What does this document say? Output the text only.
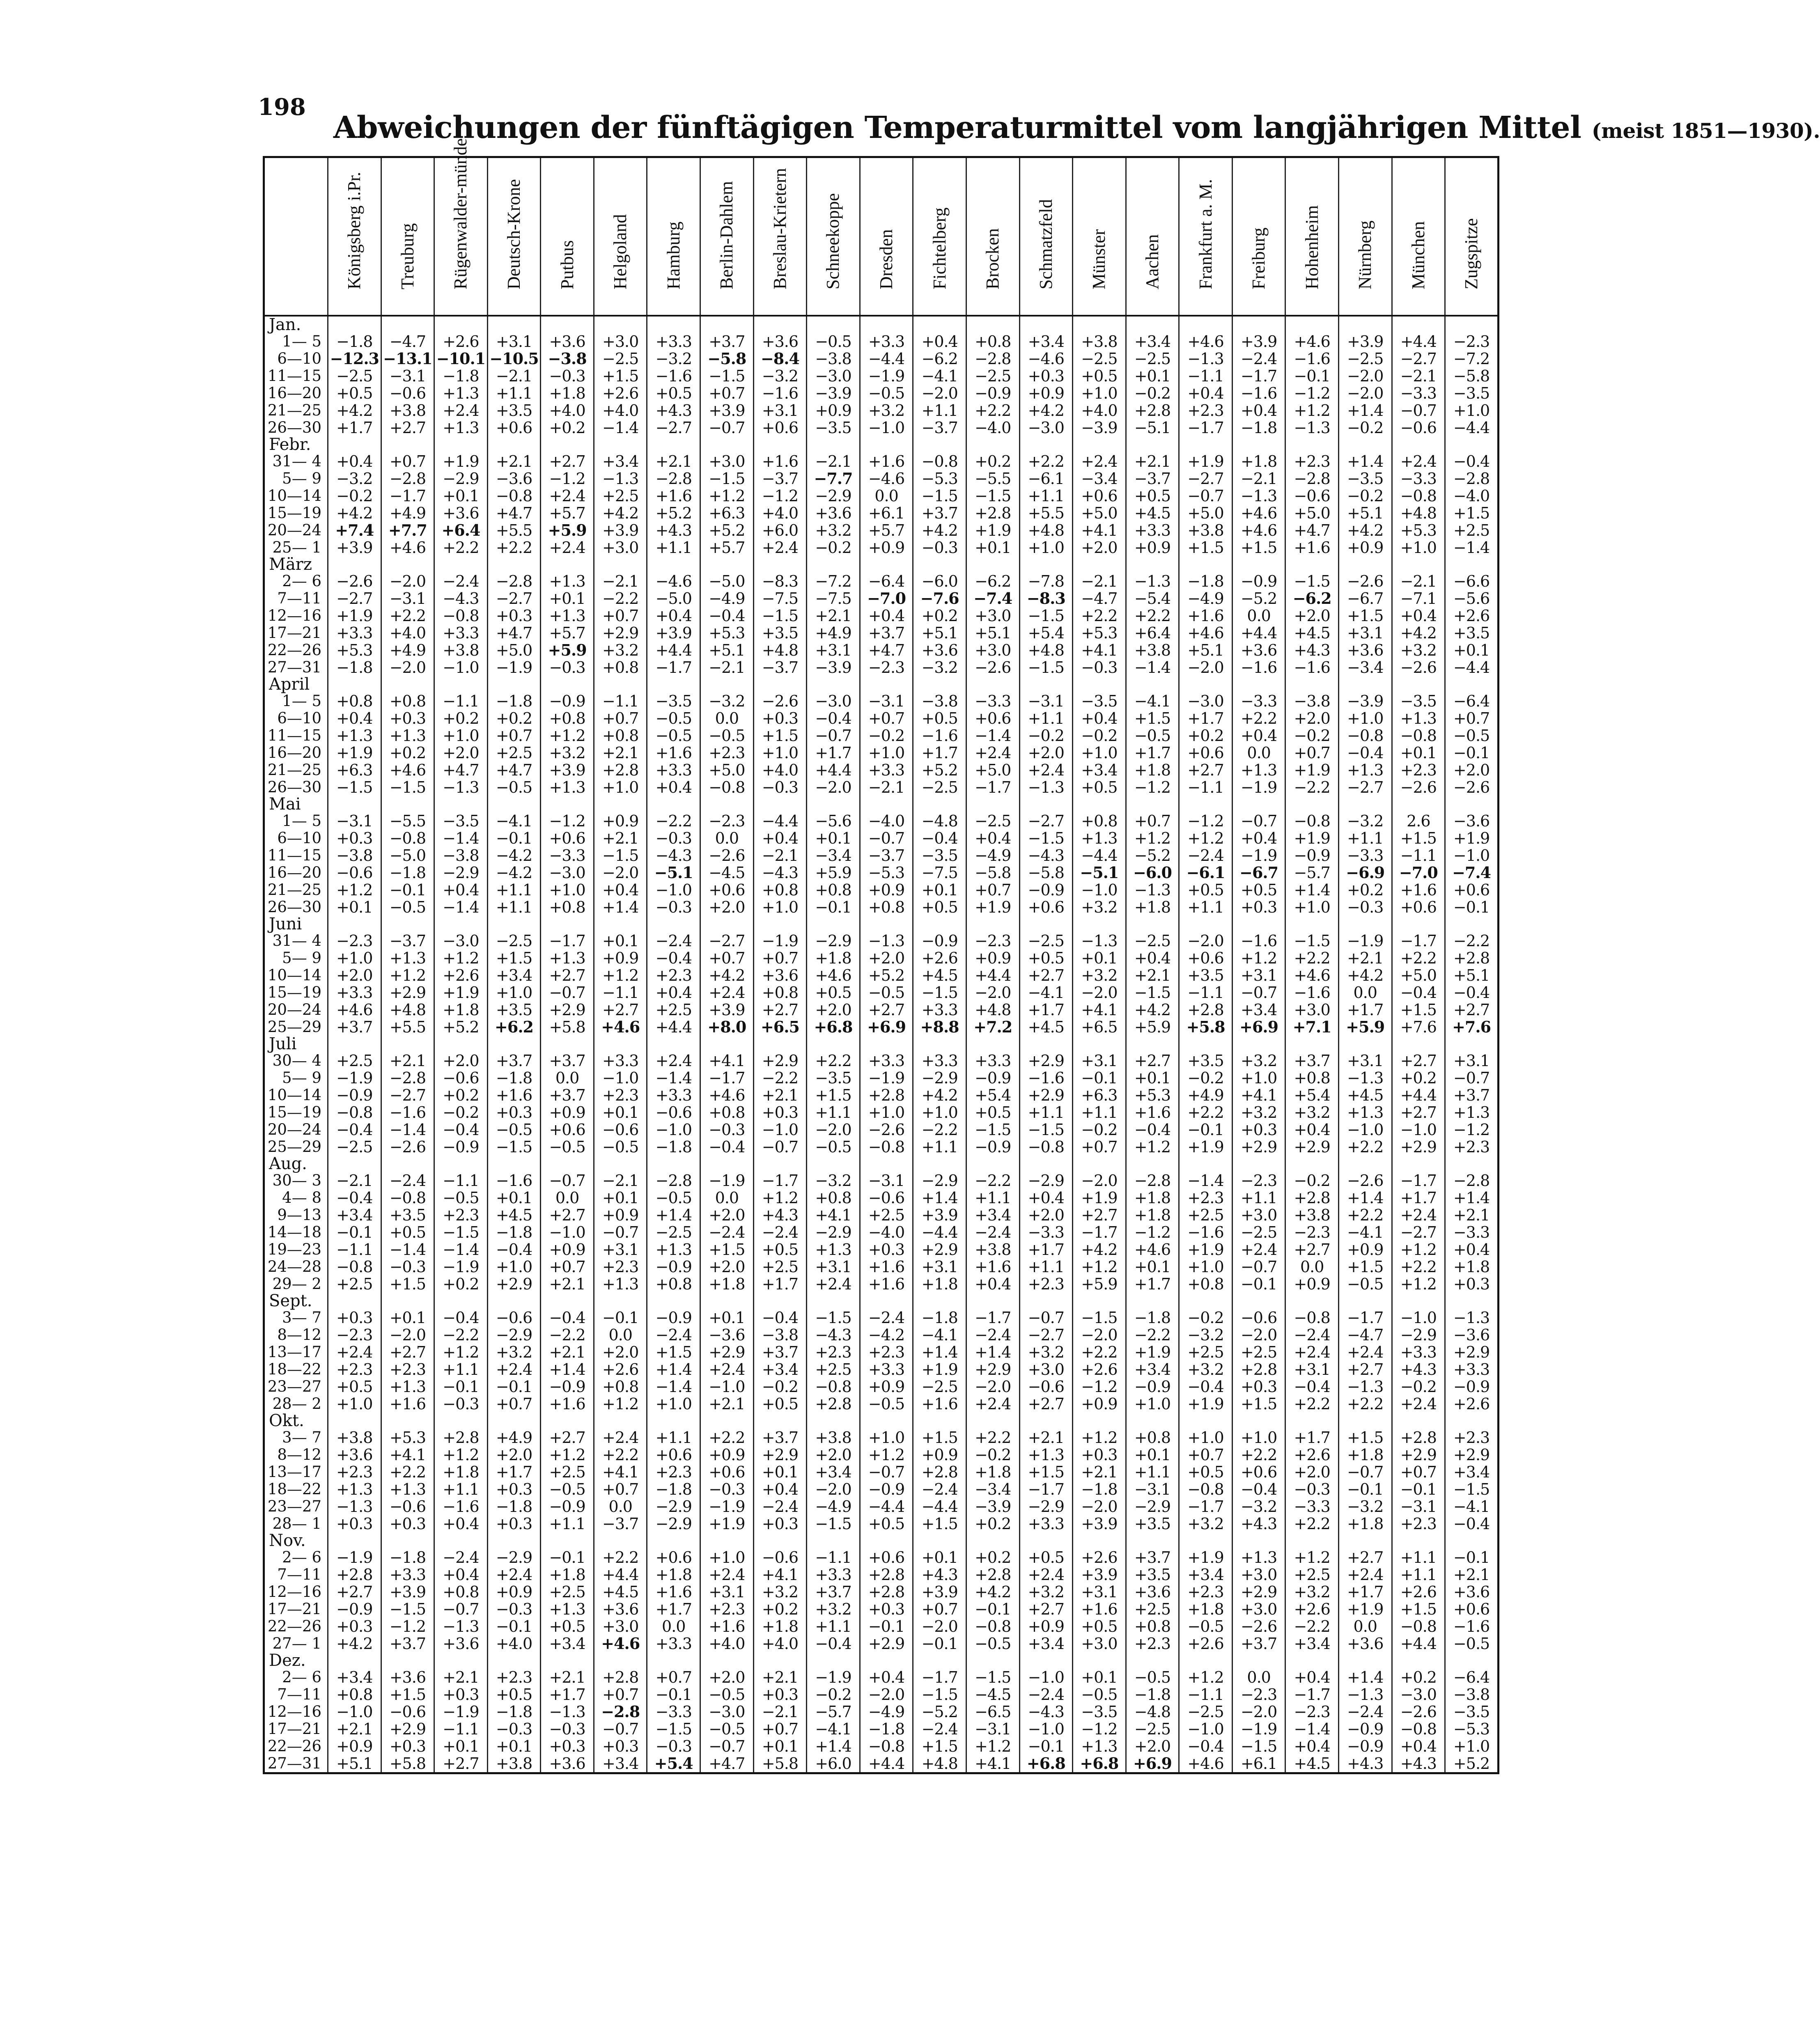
198
Abweichungen der fünftägigen Temperaturmittel vom langjährigen Mittel (meist 1851—1930).

	Königsberg i.Pr.	Treuburg	Rügenwalder-münde	Deutsch-Krone	Putbus	Helgoland	Hamburg	Berlin-Dahlem	Breslau-Krietern	Schneekoppe	Dresden	Fichtelberg	Brocken	Schmatzfeld	Münster	Aachen	Frankfurt a. M.	Freiburg	Hohenheim	Nürnberg	München	Zugspitze

Jan.																						
1— 5	−1.8	−4.7	+2.6	+3.1	+3.6	+3.0	+3.3	+3.7	+3.6	−0.5	+3.3	+0.4	+0.8	+3.4	+3.8	+3.4	+4.6	+3.9	+4.6	+3.9	+4.4	−2.3
6—10	−12.3	−13.1	−10.1	−10.5	−3.8	−2.5	−3.2	−5.8	−8.4	−3.8	−4.4	−6.2	−2.8	−4.6	−2.5	−2.5	−1.3	−2.4	−1.6	−2.5	−2.7	−7.2
11—15	−2.5	−3.1	−1.8	−2.1	−0.3	+1.5	−1.6	−1.5	−3.2	−3.0	−1.9	−4.1	−2.5	+0.3	+0.5	+0.1	−1.1	−1.7	−0.1	−2.0	−2.1	−5.8
16—20	+0.5	−0.6	+1.3	+1.1	+1.8	+2.6	+0.5	+0.7	−1.6	−3.9	−0.5	−2.0	−0.9	+0.9	+1.0	−0.2	+0.4	−1.6	−1.2	−2.0	−3.3	−3.5
21—25	+4.2	+3.8	+2.4	+3.5	+4.0	+4.0	+4.3	+3.9	+3.1	+0.9	+3.2	+1.1	+2.2	+4.2	+4.0	+2.8	+2.3	+0.4	+1.2	+1.4	−0.7	+1.0
26—30	+1.7	+2.7	+1.3	+0.6	+0.2	−1.4	−2.7	−0.7	+0.6	−3.5	−1.0	−3.7	−4.0	−3.0	−3.9	−5.1	−1.7	−1.8	−1.3	−0.2	−0.6	−4.4
Febr.																						
31— 4	+0.4	+0.7	+1.9	+2.1	+2.7	+3.4	+2.1	+3.0	+1.6	−2.1	+1.6	−0.8	+0.2	+2.2	+2.4	+2.1	+1.9	+1.8	+2.3	+1.4	+2.4	−0.4
5— 9	−3.2	−2.8	−2.9	−3.6	−1.2	−1.3	−2.8	−1.5	−3.7	−7.7	−4.6	−5.3	−5.5	−6.1	−3.4	−3.7	−2.7	−2.1	−2.8	−3.5	−3.3	−2.8
10—14	−0.2	−1.7	+0.1	−0.8	+2.4	+2.5	+1.6	+1.2	−1.2	−2.9	0.0	−1.5	−1.5	+1.1	+0.6	+0.5	−0.7	−1.3	−0.6	−0.2	−0.8	−4.0
15—19	+4.2	+4.9	+3.6	+4.7	+5.7	+4.2	+5.2	+6.3	+4.0	+3.6	+6.1	+3.7	+2.8	+5.5	+5.0	+4.5	+5.0	+4.6	+5.0	+5.1	+4.8	+1.5
20—24	+7.4	+7.7	+6.4	+5.5	+5.9	+3.9	+4.3	+5.2	+6.0	+3.2	+5.7	+4.2	+1.9	+4.8	+4.1	+3.3	+3.8	+4.6	+4.7	+4.2	+5.3	+2.5
25— 1	+3.9	+4.6	+2.2	+2.2	+2.4	+3.0	+1.1	+5.7	+2.4	−0.2	+0.9	−0.3	+0.1	+1.0	+2.0	+0.9	+1.5	+1.5	+1.6	+0.9	+1.0	−1.4
März																						
2— 6	−2.6	−2.0	−2.4	−2.8	+1.3	−2.1	−4.6	−5.0	−8.3	−7.2	−6.4	−6.0	−6.2	−7.8	−2.1	−1.3	−1.8	−0.9	−1.5	−2.6	−2.1	−6.6
7—11	−2.7	−3.1	−4.3	−2.7	+0.1	−2.2	−5.0	−4.9	−7.5	−7.5	−7.0	−7.6	−7.4	−8.3	−4.7	−5.4	−4.9	−5.2	−6.2	−6.7	−7.1	−5.6
12—16	+1.9	+2.2	−0.8	+0.3	+1.3	+0.7	+0.4	−0.4	−1.5	+2.1	+0.4	+0.2	+3.0	−1.5	+2.2	+2.2	+1.6	0.0	+2.0	+1.5	+0.4	+2.6
17—21	+3.3	+4.0	+3.3	+4.7	+5.7	+2.9	+3.9	+5.3	+3.5	+4.9	+3.7	+5.1	+5.1	+5.4	+5.3	+6.4	+4.6	+4.4	+4.5	+3.1	+4.2	+3.5
22—26	+5.3	+4.9	+3.8	+5.0	+5.9	+3.2	+4.4	+5.1	+4.8	+3.1	+4.7	+3.6	+3.0	+4.8	+4.1	+3.8	+5.1	+3.6	+4.3	+3.6	+3.2	+0.1
27—31	−1.8	−2.0	−1.0	−1.9	−0.3	+0.8	−1.7	−2.1	−3.7	−3.9	−2.3	−3.2	−2.6	−1.5	−0.3	−1.4	−2.0	−1.6	−1.6	−3.4	−2.6	−4.4
April																						
1— 5	+0.8	+0.8	−1.1	−1.8	−0.9	−1.1	−3.5	−3.2	−2.6	−3.0	−3.1	−3.8	−3.3	−3.1	−3.5	−4.1	−3.0	−3.3	−3.8	−3.9	−3.5	−6.4
6—10	+0.4	+0.3	+0.2	+0.2	+0.8	+0.7	−0.5	0.0	+0.3	−0.4	+0.7	+0.5	+0.6	+1.1	+0.4	+1.5	+1.7	+2.2	+2.0	+1.0	+1.3	+0.7
11—15	+1.3	+1.3	+1.0	+0.7	+1.2	+0.8	−0.5	−0.5	+1.5	−0.7	−0.2	−1.6	−1.4	−0.2	−0.2	−0.5	+0.2	+0.4	−0.2	−0.8	−0.8	−0.5
16—20	+1.9	+0.2	+2.0	+2.5	+3.2	+2.1	+1.6	+2.3	+1.0	+1.7	+1.0	+1.7	+2.4	+2.0	+1.0	+1.7	+0.6	0.0	+0.7	−0.4	+0.1	−0.1
21—25	+6.3	+4.6	+4.7	+4.7	+3.9	+2.8	+3.3	+5.0	+4.0	+4.4	+3.3	+5.2	+5.0	+2.4	+3.4	+1.8	+2.7	+1.3	+1.9	+1.3	+2.3	+2.0
26—30	−1.5	−1.5	−1.3	−0.5	+1.3	+1.0	+0.4	−0.8	−0.3	−2.0	−2.1	−2.5	−1.7	−1.3	+0.5	−1.2	−1.1	−1.9	−2.2	−2.7	−2.6	−2.6
Mai																						
1— 5	−3.1	−5.5	−3.5	−4.1	−1.2	+0.9	−2.2	−2.3	−4.4	−5.6	−4.0	−4.8	−2.5	−2.7	+0.8	+0.7	−1.2	−0.7	−0.8	−3.2	2.6	−3.6
6—10	+0.3	−0.8	−1.4	−0.1	+0.6	+2.1	−0.3	0.0	+0.4	+0.1	−0.7	−0.4	+0.4	−1.5	+1.3	+1.2	+1.2	+0.4	+1.9	+1.1	+1.5	+1.9
11—15	−3.8	−5.0	−3.8	−4.2	−3.3	−1.5	−4.3	−2.6	−2.1	−3.4	−3.7	−3.5	−4.9	−4.3	−4.4	−5.2	−2.4	−1.9	−0.9	−3.3	−1.1	−1.0
16—20	−0.6	−1.8	−2.9	−4.2	−3.0	−2.0	−5.1	−4.5	−4.3	+5.9	−5.3	−7.5	−5.8	−5.8	−5.1	−6.0	−6.1	−6.7	−5.7	−6.9	−7.0	−7.4
21—25	+1.2	−0.1	+0.4	+1.1	+1.0	+0.4	−1.0	+0.6	+0.8	+0.8	+0.9	+0.1	+0.7	−0.9	−1.0	−1.3	+0.5	+0.5	+1.4	+0.2	+1.6	+0.6
26—30	+0.1	−0.5	−1.4	+1.1	+0.8	+1.4	−0.3	+2.0	+1.0	−0.1	+0.8	+0.5	+1.9	+0.6	+3.2	+1.8	+1.1	+0.3	+1.0	−0.3	+0.6	−0.1
Juni																						
31— 4	−2.3	−3.7	−3.0	−2.5	−1.7	+0.1	−2.4	−2.7	−1.9	−2.9	−1.3	−0.9	−2.3	−2.5	−1.3	−2.5	−2.0	−1.6	−1.5	−1.9	−1.7	−2.2
5— 9	+1.0	+1.3	+1.2	+1.5	+1.3	+0.9	−0.4	+0.7	+0.7	+1.8	+2.0	+2.6	+0.9	+0.5	+0.1	+0.4	+0.6	+1.2	+2.2	+2.1	+2.2	+2.8
10—14	+2.0	+1.2	+2.6	+3.4	+2.7	+1.2	+2.3	+4.2	+3.6	+4.6	+5.2	+4.5	+4.4	+2.7	+3.2	+2.1	+3.5	+3.1	+4.6	+4.2	+5.0	+5.1
15—19	+3.3	+2.9	+1.9	+1.0	−0.7	−1.1	+0.4	+2.4	+0.8	+0.5	−0.5	−1.5	−2.0	−4.1	−2.0	−1.5	−1.1	−0.7	−1.6	0.0	−0.4	−0.4
20—24	+4.6	+4.8	+1.8	+3.5	+2.9	+2.7	+2.5	+3.9	+2.7	+2.0	+2.7	+3.3	+4.8	+1.7	+4.1	+4.2	+2.8	+3.4	+3.0	+1.7	+1.5	+2.7
25—29	+3.7	+5.5	+5.2	+6.2	+5.8	+4.6	+4.4	+8.0	+6.5	+6.8	+6.9	+8.8	+7.2	+4.5	+6.5	+5.9	+5.8	+6.9	+7.1	+5.9	+7.6	+7.6
Juli																						
30— 4	+2.5	+2.1	+2.0	+3.7	+3.7	+3.3	+2.4	+4.1	+2.9	+2.2	+3.3	+3.3	+3.3	+2.9	+3.1	+2.7	+3.5	+3.2	+3.7	+3.1	+2.7	+3.1
5— 9	−1.9	−2.8	−0.6	−1.8	0.0	−1.0	−1.4	−1.7	−2.2	−3.5	−1.9	−2.9	−0.9	−1.6	−0.1	+0.1	−0.2	+1.0	+0.8	−1.3	+0.2	−0.7
10—14	−0.9	−2.7	+0.2	+1.6	+3.7	+2.3	+3.3	+4.6	+2.1	+1.5	+2.8	+4.2	+5.4	+2.9	+6.3	+5.3	+4.9	+4.1	+5.4	+4.5	+4.4	+3.7
15—19	−0.8	−1.6	−0.2	+0.3	+0.9	+0.1	−0.6	+0.8	+0.3	+1.1	+1.0	+1.0	+0.5	+1.1	+1.1	+1.6	+2.2	+3.2	+3.2	+1.3	+2.7	+1.3
20—24	−0.4	−1.4	−0.4	−0.5	+0.6	−0.6	−1.0	−0.3	−1.0	−2.0	−2.6	−2.2	−1.5	−1.5	−0.2	−0.4	−0.1	+0.3	+0.4	−1.0	−1.0	−1.2
25—29	−2.5	−2.6	−0.9	−1.5	−0.5	−0.5	−1.8	−0.4	−0.7	−0.5	−0.8	+1.1	−0.9	−0.8	+0.7	+1.2	+1.9	+2.9	+2.9	+2.2	+2.9	+2.3
Aug.																						
30— 3	−2.1	−2.4	−1.1	−1.6	−0.7	−2.1	−2.8	−1.9	−1.7	−3.2	−3.1	−2.9	−2.2	−2.9	−2.0	−2.8	−1.4	−2.3	−0.2	−2.6	−1.7	−2.8
4— 8	−0.4	−0.8	−0.5	+0.1	0.0	+0.1	−0.5	0.0	+1.2	+0.8	−0.6	+1.4	+1.1	+0.4	+1.9	+1.8	+2.3	+1.1	+2.8	+1.4	+1.7	+1.4
9—13	+3.4	+3.5	+2.3	+4.5	+2.7	+0.9	+1.4	+2.0	+4.3	+4.1	+2.5	+3.9	+3.4	+2.0	+2.7	+1.8	+2.5	+3.0	+3.8	+2.2	+2.4	+2.1
14—18	−0.1	+0.5	−1.5	−1.8	−1.0	−0.7	−2.5	−2.4	−2.4	−2.9	−4.0	−4.4	−2.4	−3.3	−1.7	−1.2	−1.6	−2.5	−2.3	−4.1	−2.7	−3.3
19—23	−1.1	−1.4	−1.4	−0.4	+0.9	+3.1	+1.3	+1.5	+0.5	+1.3	+0.3	+2.9	+3.8	+1.7	+4.2	+4.6	+1.9	+2.4	+2.7	+0.9	+1.2	+0.4
24—28	−0.8	−0.3	−1.9	+1.0	+0.7	+2.3	−0.9	+2.0	+2.5	+3.1	+1.6	+3.1	+1.6	+1.1	+1.2	+0.1	+1.0	−0.7	0.0	+1.5	+2.2	+1.8
29— 2	+2.5	+1.5	+0.2	+2.9	+2.1	+1.3	+0.8	+1.8	+1.7	+2.4	+1.6	+1.8	+0.4	+2.3	+5.9	+1.7	+0.8	−0.1	+0.9	−0.5	+1.2	+0.3
Sept.																						
3— 7	+0.3	+0.1	−0.4	−0.6	−0.4	−0.1	−0.9	+0.1	−0.4	−1.5	−2.4	−1.8	−1.7	−0.7	−1.5	−1.8	−0.2	−0.6	−0.8	−1.7	−1.0	−1.3
8—12	−2.3	−2.0	−2.2	−2.9	−2.2	0.0	−2.4	−3.6	−3.8	−4.3	−4.2	−4.1	−2.4	−2.7	−2.0	−2.2	−3.2	−2.0	−2.4	−4.7	−2.9	−3.6
13—17	+2.4	+2.7	+1.2	+3.2	+2.1	+2.0	+1.5	+2.9	+3.7	+2.3	+2.3	+1.4	+1.4	+3.2	+2.2	+1.9	+2.5	+2.5	+2.4	+2.4	+3.3	+2.9
18—22	+2.3	+2.3	+1.1	+2.4	+1.4	+2.6	+1.4	+2.4	+3.4	+2.5	+3.3	+1.9	+2.9	+3.0	+2.6	+3.4	+3.2	+2.8	+3.1	+2.7	+4.3	+3.3
23—27	+0.5	+1.3	−0.1	−0.1	−0.9	+0.8	−1.4	−1.0	−0.2	−0.8	+0.9	−2.5	−2.0	−0.6	−1.2	−0.9	−0.4	+0.3	−0.4	−1.3	−0.2	−0.9
28— 2	+1.0	+1.6	−0.3	+0.7	+1.6	+1.2	+1.0	+2.1	+0.5	+2.8	−0.5	+1.6	+2.4	+2.7	+0.9	+1.0	+1.9	+1.5	+2.2	+2.2	+2.4	+2.6
Okt.																						
3— 7	+3.8	+5.3	+2.8	+4.9	+2.7	+2.4	+1.1	+2.2	+3.7	+3.8	+1.0	+1.5	+2.2	+2.1	+1.2	+0.8	+1.0	+1.0	+1.7	+1.5	+2.8	+2.3
8—12	+3.6	+4.1	+1.2	+2.0	+1.2	+2.2	+0.6	+0.9	+2.9	+2.0	+1.2	+0.9	−0.2	+1.3	+0.3	+0.1	+0.7	+2.2	+2.6	+1.8	+2.9	+2.9
13—17	+2.3	+2.2	+1.8	+1.7	+2.5	+4.1	+2.3	+0.6	+0.1	+3.4	−0.7	+2.8	+1.8	+1.5	+2.1	+1.1	+0.5	+0.6	+2.0	−0.7	+0.7	+3.4
18—22	+1.3	+1.3	+1.1	+0.3	−0.5	+0.7	−1.8	−0.3	+0.4	−2.0	−0.9	−2.4	−3.4	−1.7	−1.8	−3.1	−0.8	−0.4	−0.3	−0.1	−0.1	−1.5
23—27	−1.3	−0.6	−1.6	−1.8	−0.9	0.0	−2.9	−1.9	−2.4	−4.9	−4.4	−4.4	−3.9	−2.9	−2.0	−2.9	−1.7	−3.2	−3.3	−3.2	−3.1	−4.1
28— 1	+0.3	+0.3	+0.4	+0.3	+1.1	−3.7	−2.9	+1.9	+0.3	−1.5	+0.5	+1.5	+0.2	+3.3	+3.9	+3.5	+3.2	+4.3	+2.2	+1.8	+2.3	−0.4
Nov.																						
2— 6	−1.9	−1.8	−2.4	−2.9	−0.1	+2.2	+0.6	+1.0	−0.6	−1.1	+0.6	+0.1	+0.2	+0.5	+2.6	+3.7	+1.9	+1.3	+1.2	+2.7	+1.1	−0.1
7—11	+2.8	+3.3	+0.4	+2.4	+1.8	+4.4	+1.8	+2.4	+4.1	+3.3	+2.8	+4.3	+2.8	+2.4	+3.9	+3.5	+3.4	+3.0	+2.5	+2.4	+1.1	+2.1
12—16	+2.7	+3.9	+0.8	+0.9	+2.5	+4.5	+1.6	+3.1	+3.2	+3.7	+2.8	+3.9	+4.2	+3.2	+3.1	+3.6	+2.3	+2.9	+3.2	+1.7	+2.6	+3.6
17—21	−0.9	−1.5	−0.7	−0.3	+1.3	+3.6	+1.7	+2.3	+0.2	+3.2	+0.3	+0.7	−0.1	+2.7	+1.6	+2.5	+1.8	+3.0	+2.6	+1.9	+1.5	+0.6
22—26	+0.3	−1.2	−1.3	−0.1	+0.5	+3.0	0.0	+1.6	+1.8	+1.1	−0.1	−2.0	−0.8	+0.9	+0.5	+0.8	−0.5	−2.6	−2.2	0.0	−0.8	−1.6
27— 1	+4.2	+3.7	+3.6	+4.0	+3.4	+4.6	+3.3	+4.0	+4.0	−0.4	+2.9	−0.1	−0.5	+3.4	+3.0	+2.3	+2.6	+3.7	+3.4	+3.6	+4.4	−0.5
Dez.																						
2— 6	+3.4	+3.6	+2.1	+2.3	+2.1	+2.8	+0.7	+2.0	+2.1	−1.9	+0.4	−1.7	−1.5	−1.0	+0.1	−0.5	+1.2	0.0	+0.4	+1.4	+0.2	−6.4
7—11	+0.8	+1.5	+0.3	+0.5	+1.7	+0.7	−0.1	−0.5	+0.3	−0.2	−2.0	−1.5	−4.5	−2.4	−0.5	−1.8	−1.1	−2.3	−1.7	−1.3	−3.0	−3.8
12—16	−1.0	−0.6	−1.9	−1.8	−1.3	−2.8	−3.3	−3.0	−2.1	−5.7	−4.9	−5.2	−6.5	−4.3	−3.5	−4.8	−2.5	−2.0	−2.3	−2.4	−2.6	−3.5
17—21	+2.1	+2.9	−1.1	−0.3	−0.3	−0.7	−1.5	−0.5	+0.7	−4.1	−1.8	−2.4	−3.1	−1.0	−1.2	−2.5	−1.0	−1.9	−1.4	−0.9	−0.8	−5.3
22—26	+0.9	+0.3	+0.1	+0.1	+0.3	+0.3	−0.3	−0.7	+0.1	+1.4	−0.8	+1.5	+1.2	−0.1	+1.3	+2.0	−0.4	−1.5	+0.4	−0.9	+0.4	+1.0
27—31	+5.1	+5.8	+2.7	+3.8	+3.6	+3.4	+5.4	+4.7	+5.8	+6.0	+4.4	+4.8	+4.1	+6.8	+6.8	+6.9	+4.6	+6.1	+4.5	+4.3	+4.3	+5.2
